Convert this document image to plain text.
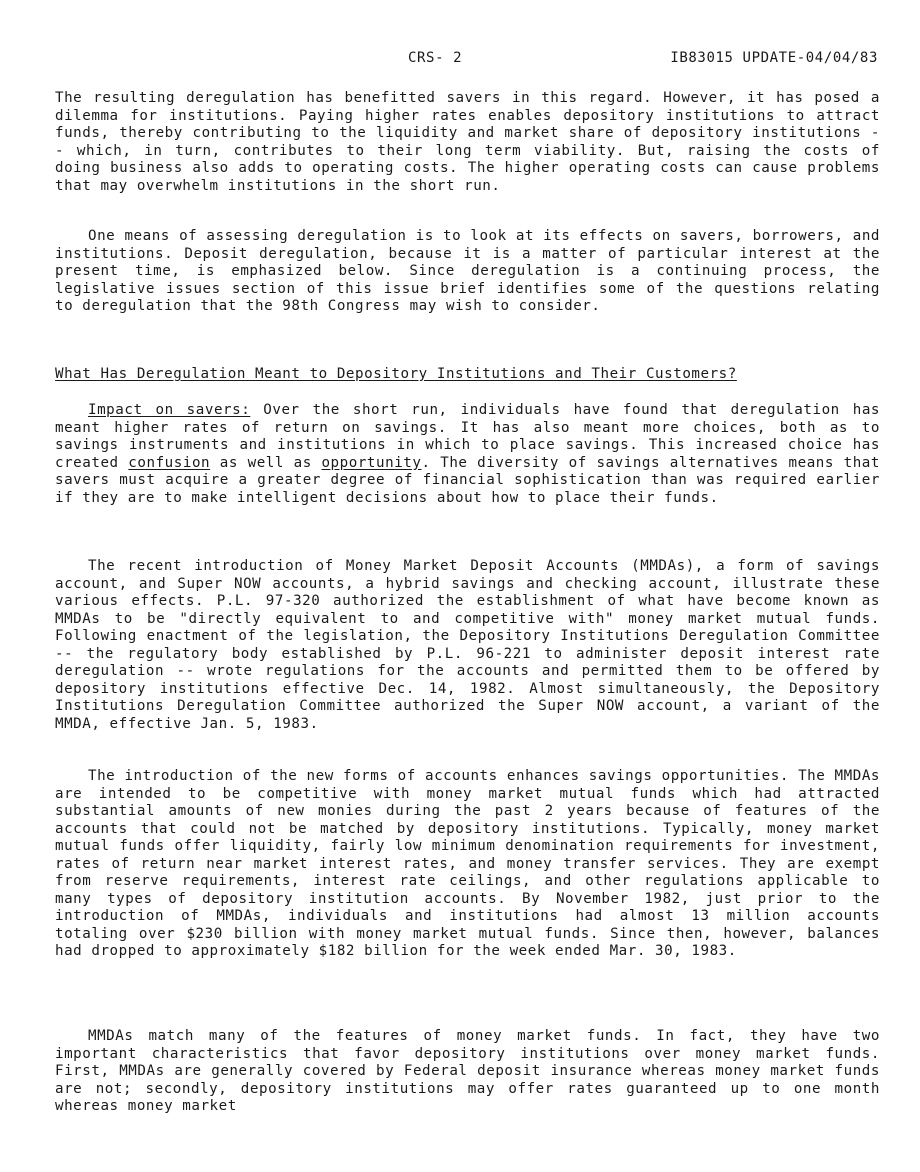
CRS- 2	IB83015 UPDATE-04/04/83
The resulting deregulation has benefitted savers in this regard. However, it has posed a dilemma for institutions. Paying higher rates enables depository institutions to attract funds, thereby contributing to the liquidity and market share of depository institutions -- which, in turn, contributes to their long term viability. But, raising the costs of doing business also adds to operating costs. The higher operating costs can cause problems that may overwhelm institutions in the short run.
One means of assessing deregulation is to look at its effects on savers, borrowers, and institutions. Deposit deregulation, because it is a matter of particular interest at the present time, is emphasized below. Since deregulation is a continuing process, the legislative issues section of this issue brief identifies some of the questions relating to deregulation that the 98th Congress may wish to consider.
What Has Deregulation Meant to Depository Institutions and Their Customers?
Impact on savers: Over the short run, individuals have found that deregulation has meant higher rates of return on savings. It has also meant more choices, both as to savings instruments and institutions in which to place savings. This increased choice has created confusion as well as opportunity. The diversity of savings alternatives means that savers must acquire a greater degree of financial sophistication than was required earlier if they are to make intelligent decisions about how to place their funds.
The recent introduction of Money Market Deposit Accounts (MMDAs), a form of savings account, and Super NOW accounts, a hybrid savings and checking account, illustrate these various effects. P.L. 97-320 authorized the establishment of what have become known as MMDAs to be "directly equivalent to and competitive with" money market mutual funds. Following enactment of the legislation, the Depository Institutions Deregulation Committee -- the regulatory body established by P.L. 96-221 to administer deposit interest rate deregulation -- wrote regulations for the accounts and permitted them to be offered by depository institutions effective Dec. 14, 1982. Almost simultaneously, the Depository Institutions Deregulation Committee authorized the Super NOW account, a variant of the MMDA, effective Jan. 5, 1983.
The introduction of the new forms of accounts enhances savings opportunities. The MMDAs are intended to be competitive with money market mutual funds which had attracted substantial amounts of new monies during the past 2 years because of features of the accounts that could not be matched by depository institutions. Typically, money market mutual funds offer liquidity, fairly low minimum denomination requirements for investment, rates of return near market interest rates, and money transfer services. They are exempt from reserve requirements, interest rate ceilings, and other regulations applicable to many types of depository institution accounts. By November 1982, just prior to the introduction of MMDAs, individuals and institutions had almost 13 million accounts totaling over $230 billion with money market mutual funds. Since then, however, balances had dropped to approximately $182 billion for the week ended Mar. 30, 1983.
MMDAs match many of the features of money market funds. In fact, they have two important characteristics that favor depository institutions over money market funds. First, MMDAs are generally covered by Federal deposit insurance whereas money market funds are not; secondly, depository institutions may offer rates guaranteed up to one month whereas money market
